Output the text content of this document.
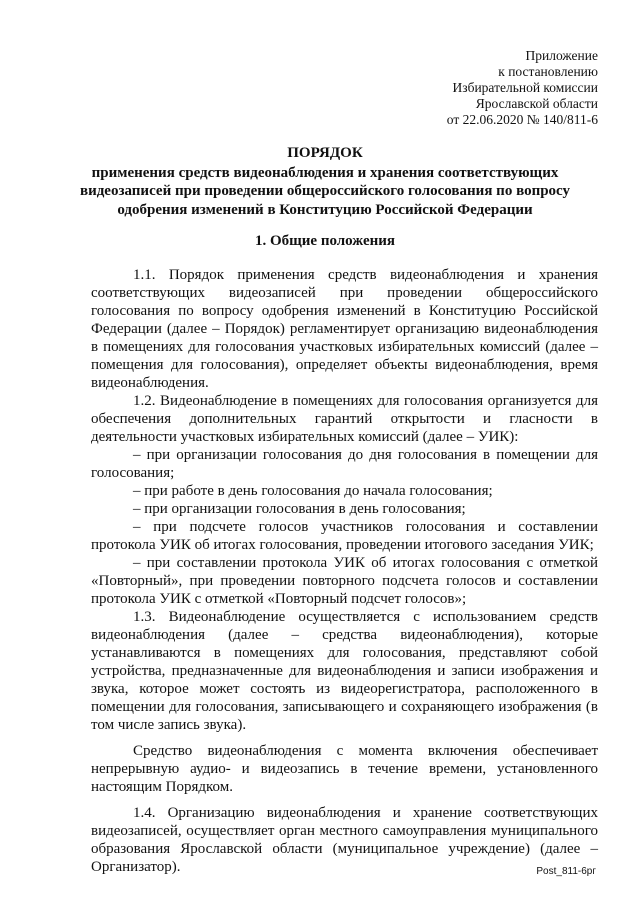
Приложение
к постановлению
Избирательной комиссии
Ярославской области
от 22.06.2020 № 140/811-6
ПОРЯДОК
применения средств видеонаблюдения и хранения соответствующих видеозаписей при проведении общероссийского голосования по вопросу одобрения изменений в Конституцию Российской Федерации
1. Общие положения

1.1. Порядок применения средств видеонаблюдения и хранения соответствующих видеозаписей при проведении общероссийского голосования по вопросу одобрения изменений в Конституцию Российской Федерации (далее – Порядок) регламентирует организацию видеонаблюдения в помещениях для голосования участковых избирательных комиссий (далее – помещения для голосования), определяет объекты видеонаблюдения, время видеонаблюдения.

1.2. Видеонаблюдение в помещениях для голосования организуется для обеспечения дополнительных гарантий открытости и гласности в деятельности участковых избирательных комиссий (далее – УИК):

– при организации голосования до дня голосования в помещении для голосования;

– при работе в день голосования до начала голосования;

– при организации голосования в день голосования;

– при подсчете голосов участников голосования и составлении протокола УИК об итогах голосования, проведении итогового заседания УИК;

– при составлении протокола УИК об итогах голосования с отметкой «Повторный», при проведении повторного подсчета голосов и составлении протокола УИК с отметкой «Повторный подсчет голосов»;

1.3. Видеонаблюдение осуществляется с использованием средств видеонаблюдения (далее – средства видеонаблюдения), которые устанавливаются в помещениях для голосования, представляют собой устройства, предназначенные для видеонаблюдения и записи изображения и звука, которое может состоять из видеорегистратора, расположенного в помещении для голосования, записывающего и сохраняющего изображения (в том числе запись звука).

Средство видеонаблюдения с момента включения обеспечивает непрерывную аудио- и видеозапись в течение времени, установленного настоящим Порядком.

1.4. Организацию видеонаблюдения и хранение соответствующих видеозаписей, осуществляет орган местного самоуправления муниципального образования Ярославской области (муниципальное учреждение) (далее – Организатор).	Post_811-6рг
